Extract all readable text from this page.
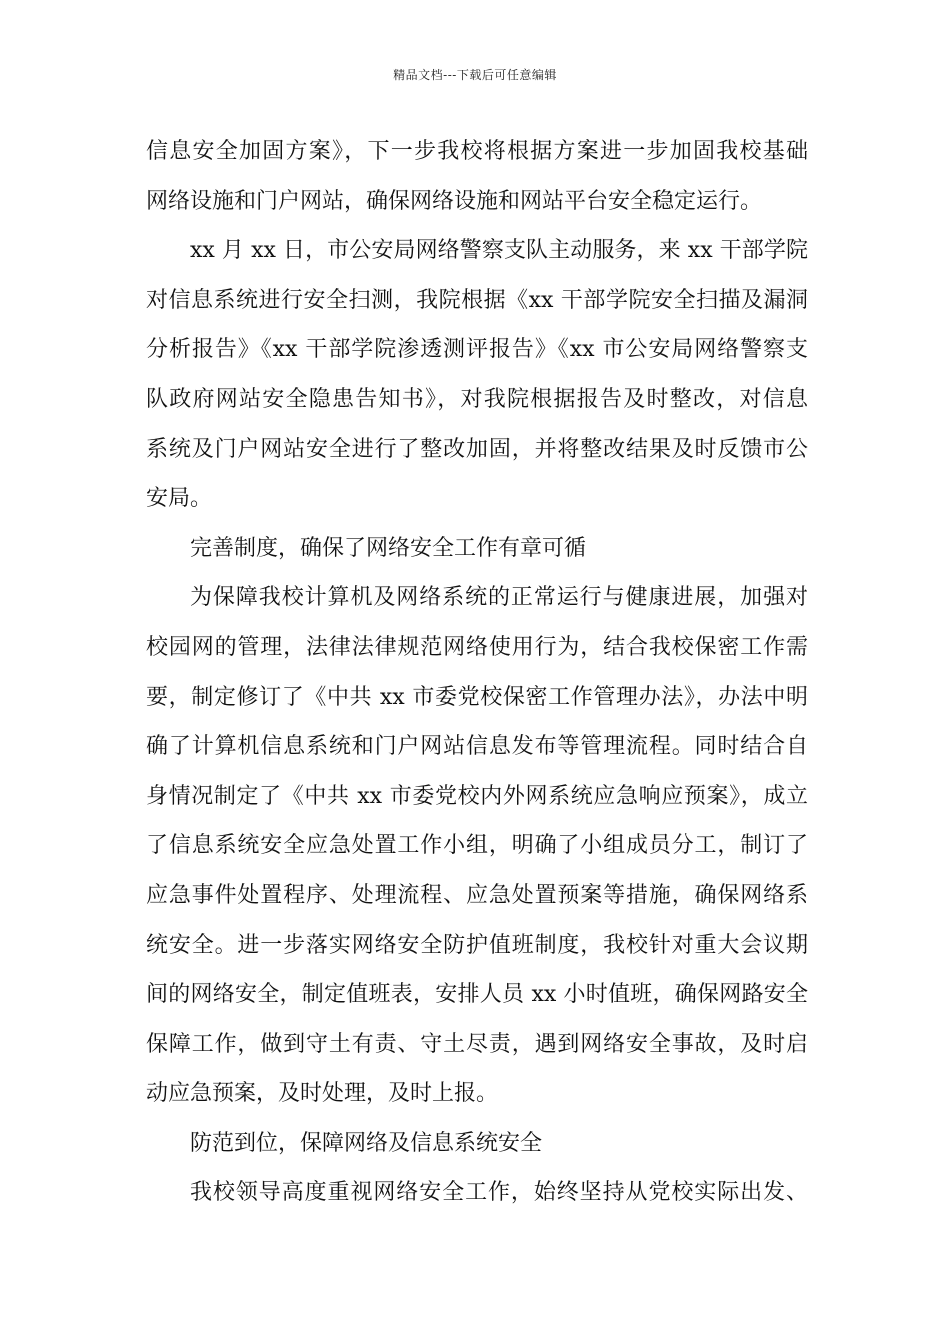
精品文档---下载后可任意编辑
信息安全加固方案》，下一步我校将根据方案进一步加固我校基础
网络设施和门户网站，确保网络设施和网站平台安全稳定运行。
xx 月 xx 日，市公安局网络警察支队主动服务，来 xx 干部学院
对信息系统进行安全扫测，我院根据《xx 干部学院安全扫描及漏洞
分析报告》《xx 干部学院渗透测评报告》《xx 市公安局网络警察支
队政府网站安全隐患告知书》，对我院根据报告及时整改，对信息
系统及门户网站安全进行了整改加固，并将整改结果及时反馈市公
安局。
完善制度，确保了网络安全工作有章可循
为保障我校计算机及网络系统的正常运行与健康进展，加强对
校园网的管理，法律法律规范网络使用行为，结合我校保密工作需
要，制定修订了《中共 xx 市委党校保密工作管理办法》，办法中明
确了计算机信息系统和门户网站信息发布等管理流程。同时结合自
身情况制定了《中共 xx 市委党校内外网系统应急响应预案》，成立
了信息系统安全应急处置工作小组，明确了小组成员分工，制订了
应急事件处置程序、处理流程、应急处置预案等措施，确保网络系
统安全。进一步落实网络安全防护值班制度，我校针对重大会议期
间的网络安全，制定值班表，安排人员 xx 小时值班，确保网路安全
保障工作，做到守土有责、守土尽责，遇到网络安全事故，及时启
动应急预案，及时处理，及时上报。
防范到位，保障网络及信息系统安全
我校领导高度重视网络安全工作，始终坚持从党校实际出发、
